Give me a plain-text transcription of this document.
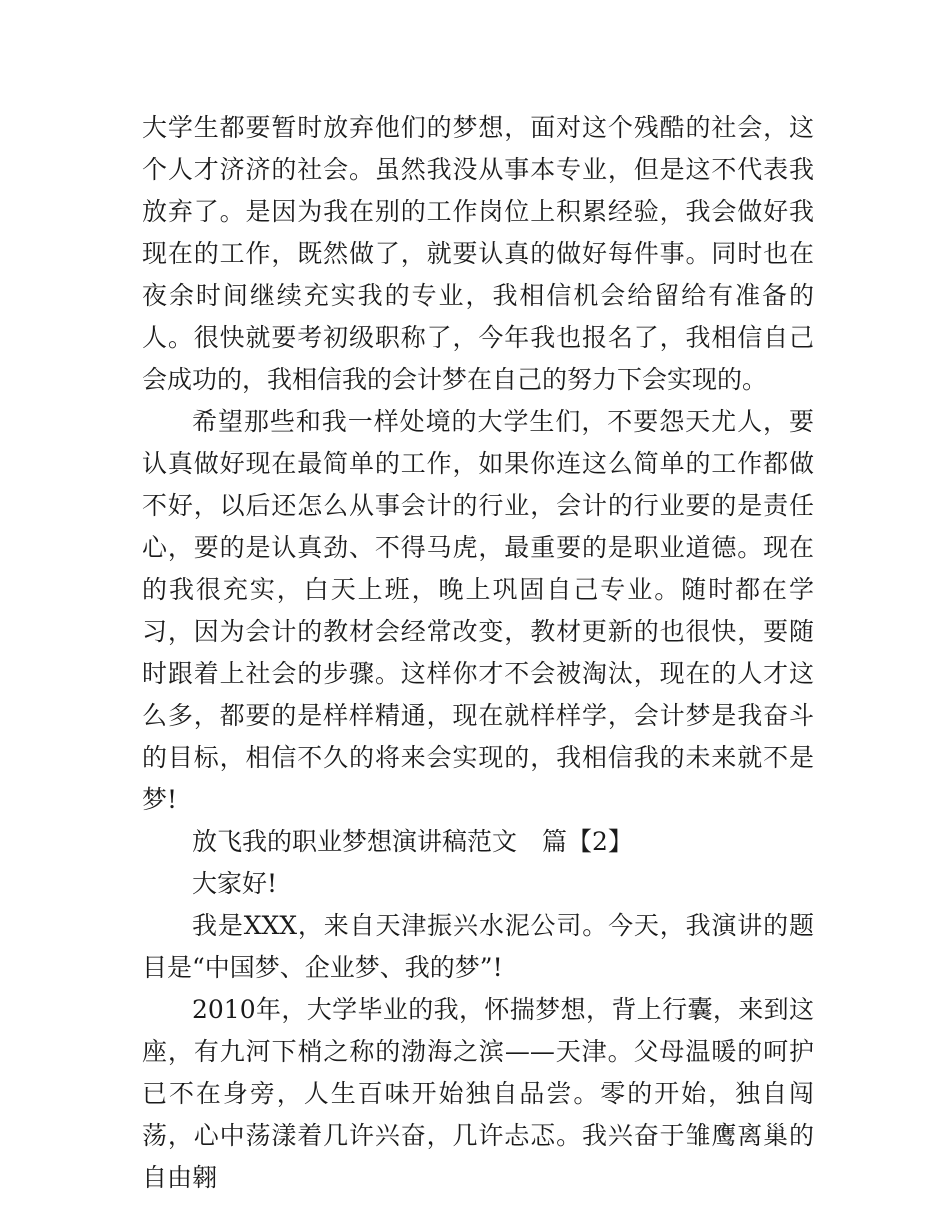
大学生都要暂时放弃他们的梦想，面对这个残酷的社会，这个人才济济的社会。虽然我没从事本专业，但是这不代表我放弃了。是因为我在别的工作岗位上积累经验，我会做好我现在的工作，既然做了，就要认真的做好每件事。同时也在夜余时间继续充实我的专业，我相信机会给留给有准备的人。很快就要考初级职称了，今年我也报名了，我相信自己会成功的，我相信我的会计梦在自己的努力下会实现的。

希望那些和我一样处境的大学生们，不要怨天尤人，要认真做好现在最简单的工作，如果你连这么简单的工作都做不好，以后还怎么从事会计的行业，会计的行业要的是责任心，要的是认真劲、不得马虎，最重要的是职业道德。现在的我很充实，白天上班，晚上巩固自己专业。随时都在学习，因为会计的教材会经常改变，教材更新的也很快，要随时跟着上社会的步骤。这样你才不会被淘汰，现在的人才这么多，都要的是样样精通，现在就样样学，会计梦是我奋斗的目标，相信不久的将来会实现的，我相信我的未来就不是梦!

放飞我的职业梦想演讲稿范文　篇【2】

大家好!

我是XXX，来自天津振兴水泥公司。今天，我演讲的题目是“中国梦、企业梦、我的梦”!

2010年，大学毕业的我，怀揣梦想，背上行囊，来到这座，有九河下梢之称的渤海之滨——天津。父母温暖的呵护已不在身旁，人生百味开始独自品尝。零的开始，独自闯荡，心中荡漾着几许兴奋，几许忐忑。我兴奋于雏鹰离巢的自由翱
